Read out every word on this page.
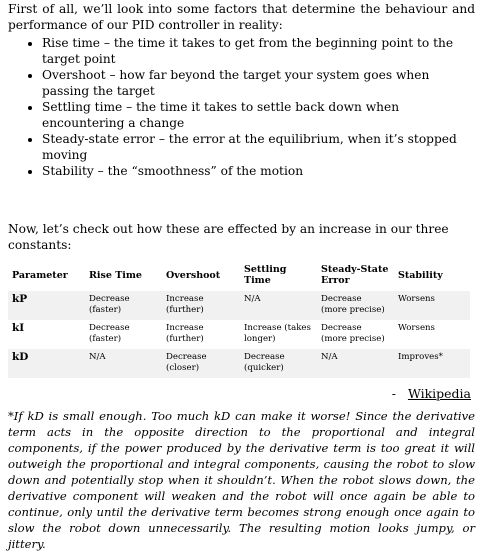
First of all, we’ll look into some factors that determine the behaviour and performance of our PID controller in reality:

• Rise time – the time it takes to get from the beginning point to the target point
• Overshoot – how far beyond the target your system goes when passing the target
• Settling time – the time it takes to settle back down when encountering a change
• Steady-state error – the error at the equilibrium, when it’s stopped moving
• Stability – the “smoothness” of the motion

Now, let’s check out how these are effected by an increase in our three constants:

Parameter	Rise Time	Overshoot	Settling Time	Steady-State Error	Stability
kP	Decrease (faster)	Increase (further)	N/A	Decrease (more precise)	Worsens
kI	Decrease (faster)	Increase (further)	Increase (takes longer)	Decrease (more precise)	Worsens
kD	N/A	Decrease (closer)	Decrease (quicker)	N/A	Improves*

- Wikipedia

*If kD is small enough. Too much kD can make it worse! Since the derivative term acts in the opposite direction to the proportional and integral components, if the power produced by the derivative term is too great it will outweigh the proportional and integral components, causing the robot to slow down and potentially stop when it shouldn’t. When the robot slows down, the derivative component will weaken and the robot will once again be able to continue, only until the derivative term becomes strong enough once again to slow the robot down unnecessarily. The resulting motion looks jumpy, or jittery.
